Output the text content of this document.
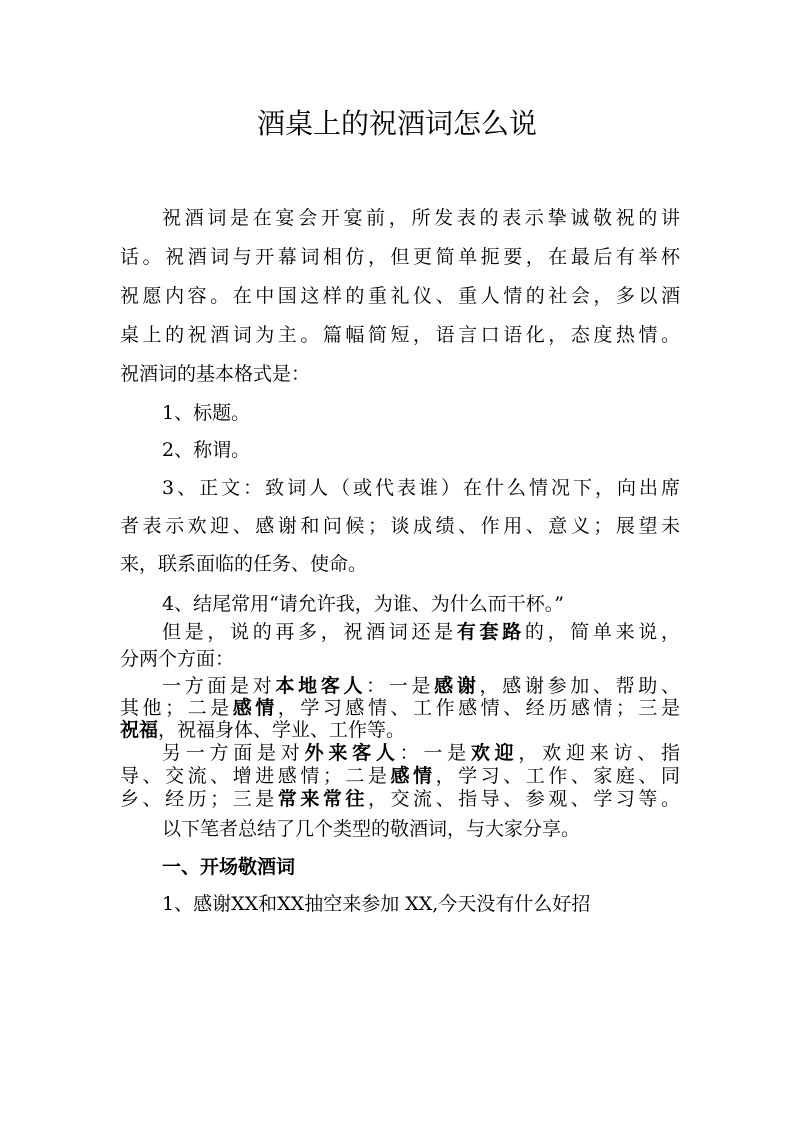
酒桌上的祝酒词怎么说
祝酒词是在宴会开宴前，所发表的表示挚诚敬祝的讲
话。祝酒词与开幕词相仿，但更简单扼要，在最后有举杯
祝愿内容。在中国这样的重礼仪、重人情的社会，多以酒
桌上的祝酒词为主。篇幅简短，语言口语化，态度热情。
祝酒词的基本格式是：
1、标题。
2、称谓。
3、正文：致词人（或代表谁）在什么情况下，向出席
者表示欢迎、感谢和问候；谈成绩、作用、意义；展望未
来，联系面临的任务、使命。
4、结尾常用“请允许我，为谁、为什么而干杯。”
但是，说的再多，祝酒词还是有套路的，简单来说，
分两个方面：
一方面是对本地客人：一是感谢，感谢参加、帮助、
其他；二是感情，学习感情、工作感情、经历感情；三是
祝福，祝福身体、学业、工作等。
另一方面是对外来客人：一是欢迎，欢迎来访、指
导、交流、增进感情；二是感情，学习、工作、家庭、同
乡、经历；三是常来常往，交流、指导、参观、学习等。
以下笔者总结了几个类型的敬酒词，与大家分享。
一、开场敬酒词
1、感谢XX和XX抽空来参加 XX,今天没有什么好招
